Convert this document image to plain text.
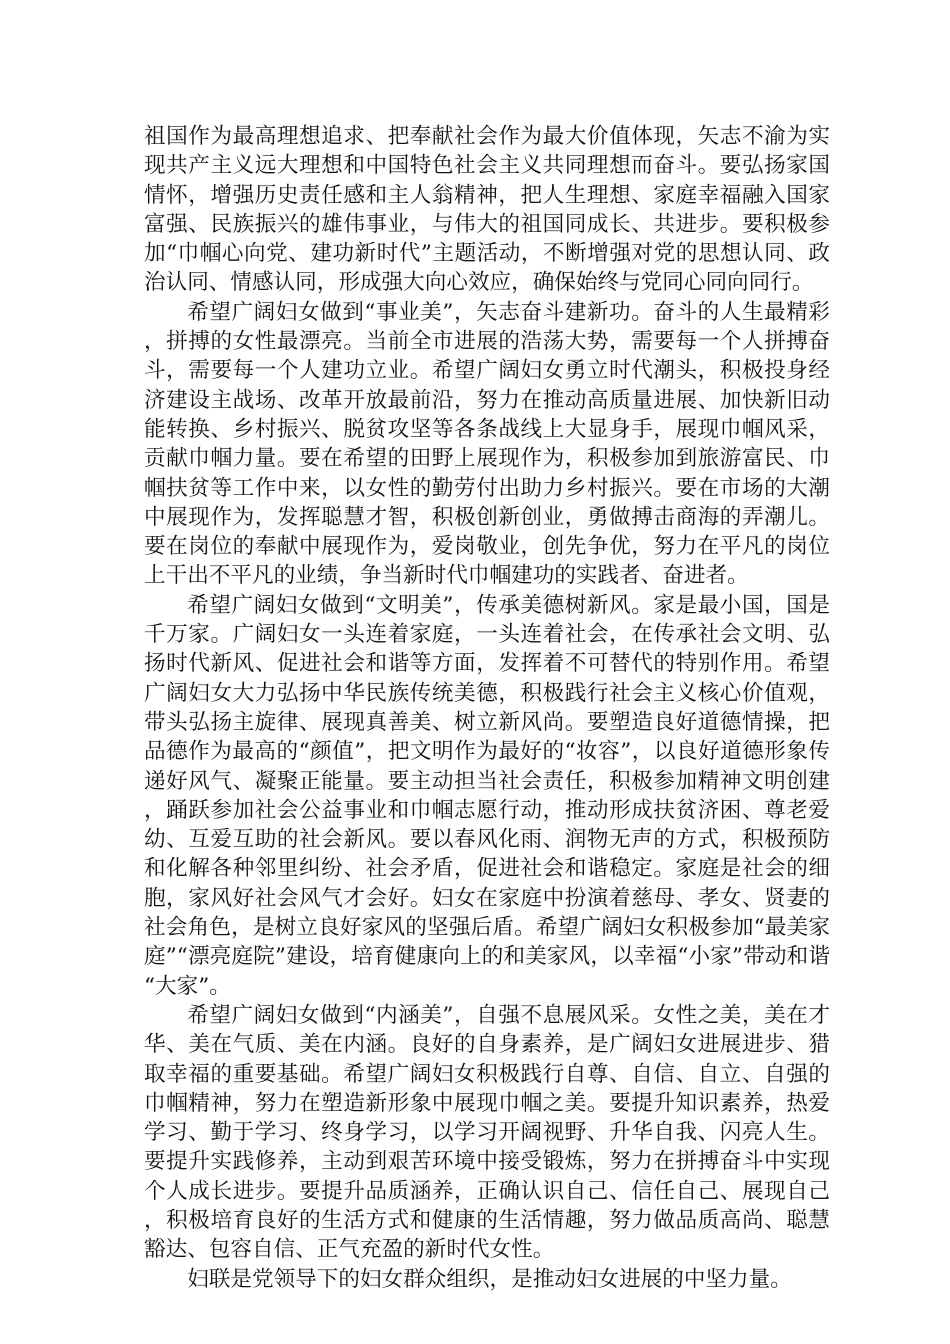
祖国作为最高理想追求、把奉献社会作为最大价值体现，矢志不渝为实现共产主义远大理想和中国特色社会主义共同理想而奋斗。要弘扬家国情怀，增强历史责任感和主人翁精神，把人生理想、家庭幸福融入国家富强、民族振兴的雄伟事业，与伟大的祖国同成长、共进步。要积极参加“巾帼心向党、建功新时代”主题活动，不断增强对党的思想认同、政治认同、情感认同，形成强大向心效应，确保始终与党同心同向同行。

希望广阔妇女做到“事业美”，矢志奋斗建新功。奋斗的人生最精彩，拼搏的女性最漂亮。当前全市进展的浩荡大势，需要每一个人拼搏奋斗，需要每一个人建功立业。希望广阔妇女勇立时代潮头，积极投身经济建设主战场、改革开放最前沿，努力在推动高质量进展、加快新旧动能转换、乡村振兴、脱贫攻坚等各条战线上大显身手，展现巾帼风采，贡献巾帼力量。要在希望的田野上展现作为，积极参加到旅游富民、巾帼扶贫等工作中来，以女性的勤劳付出助力乡村振兴。要在市场的大潮中展现作为，发挥聪慧才智，积极创新创业，勇做搏击商海的弄潮儿。要在岗位的奉献中展现作为，爱岗敬业，创先争优，努力在平凡的岗位上干出不平凡的业绩，争当新时代巾帼建功的实践者、奋进者。

希望广阔妇女做到“文明美”，传承美德树新风。家是最小国，国是千万家。广阔妇女一头连着家庭，一头连着社会，在传承社会文明、弘扬时代新风、促进社会和谐等方面，发挥着不可替代的特别作用。希望广阔妇女大力弘扬中华民族传统美德，积极践行社会主义核心价值观，带头弘扬主旋律、展现真善美、树立新风尚。要塑造良好道德情操，把品德作为最高的“颜值”，把文明作为最好的“妆容”，以良好道德形象传递好风气、凝聚正能量。要主动担当社会责任，积极参加精神文明创建，踊跃参加社会公益事业和巾帼志愿行动，推动形成扶贫济困、尊老爱幼、互爱互助的社会新风。要以春风化雨、润物无声的方式，积极预防和化解各种邻里纠纷、社会矛盾，促进社会和谐稳定。家庭是社会的细胞，家风好社会风气才会好。妇女在家庭中扮演着慈母、孝女、贤妻的社会角色，是树立良好家风的坚强后盾。希望广阔妇女积极参加“最美家庭”“漂亮庭院”建设，培育健康向上的和美家风，以幸福“小家”带动和谐“大家”。

希望广阔妇女做到“内涵美”，自强不息展风采。女性之美，美在才华、美在气质、美在内涵。良好的自身素养，是广阔妇女进展进步、猎取幸福的重要基础。希望广阔妇女积极践行自尊、自信、自立、自强的巾帼精神，努力在塑造新形象中展现巾帼之美。要提升知识素养，热爱学习、勤于学习、终身学习，以学习开阔视野、升华自我、闪亮人生。要提升实践修养，主动到艰苦环境中接受锻炼，努力在拼搏奋斗中实现个人成长进步。要提升品质涵养，正确认识自己、信任自己、展现自己，积极培育良好的生活方式和健康的生活情趣，努力做品质高尚、聪慧豁达、包容自信、正气充盈的新时代女性。

妇联是党领导下的妇女群众组织，是推动妇女进展的中坚力量。
